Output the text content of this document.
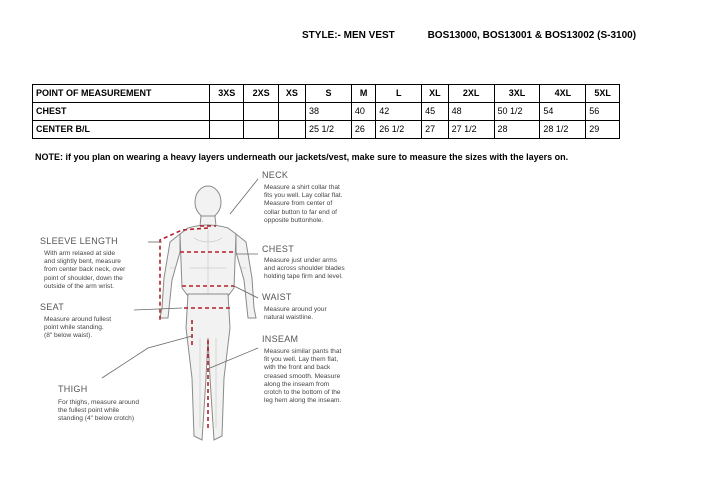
STYLE:- MEN VEST	BOS13000, BOS13001 & BOS13002 (S-3100)
POINT OF MEASUREMENT	3XS	2XS	XS	S	M	L	XL	2XL	3XL	4XL	5XL
CHEST				38	40	42	45	48	50 1/2	54	56
CENTER B/L				25 1/2	26	26 1/2	27	27 1/2	28	28 1/2	29
NOTE: if you plan on wearing a heavy layers underneath our jackets/vest, make sure to measure the sizes with the layers on.
NECK
Measure a shirt collar that
fits you well. Lay collar flat.
Measure from center of
collar button to far end of
opposite buttonhole.
SLEEVE LENGTH
With arm relaxed at side
and slightly bent, measure
from center back neck, over
point of shoulder, down the
outside of the arm wrist.
CHEST
Measure just under arms
and across shoulder blades
holding tape firm and level.
SEAT
Measure around fullest
point while standing.
(8" below waist).
WAIST
Measure around your
natural waistline.
INSEAM
Measure similar pants that
fit you well. Lay them flat,
with the front and back
creased smooth. Measure
along the inseam from
crotch to the bottom of the
leg hem along the inseam.
THIGH
For thighs, measure around
the fullest point while
standing (4" below crotch)
